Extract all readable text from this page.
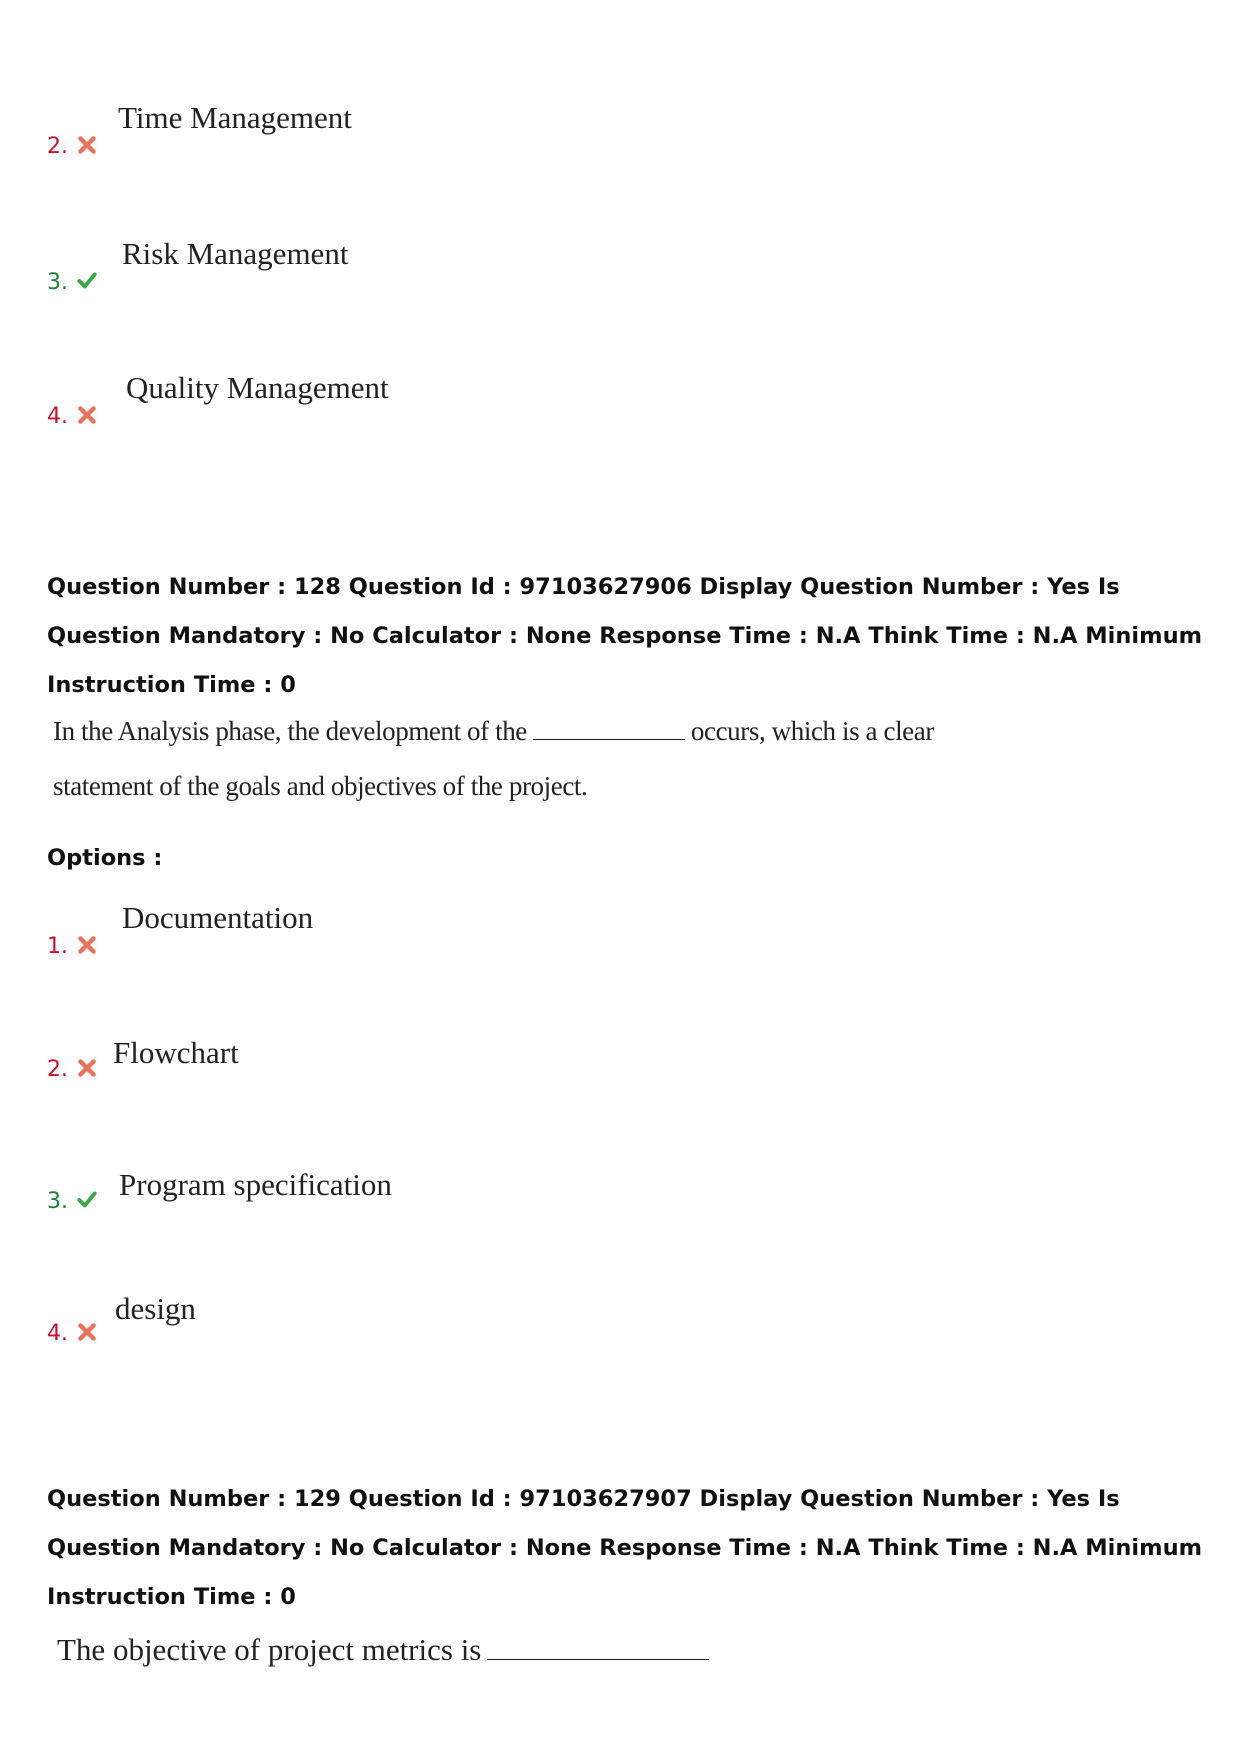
2.
Time Management
3.
Risk Management
4.
Quality Management

Question Number : 128 Question Id : 97103627906 Display Question Number : Yes Is Question Mandatory : No Calculator : None Response Time : N.A Think Time : N.A Minimum Instruction Time : 0

In the Analysis phase, the development of the	occurs, which is a clear
statement of the goals and objectives of the project.
Options :
1.
Documentation
2. Flowchart
3. Program specification
4.
design

Question Number : 129 Question Id : 97103627907 Display Question Number : Yes Is Question Mandatory : No Calculator : None Response Time : N.A Think Time : N.A Minimum Instruction Time : 0

The objective of project metrics is
